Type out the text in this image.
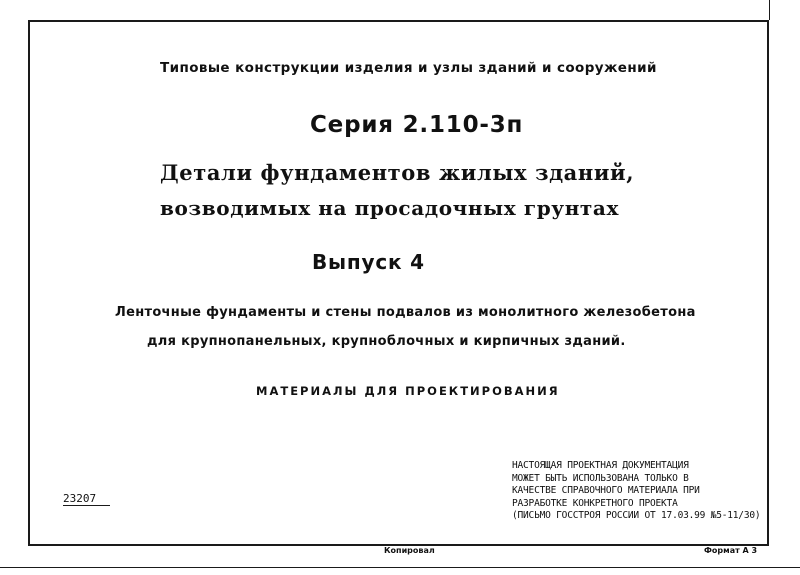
Типовые конструкции изделия и узлы зданий и сооружений
Серия 2.110-3п
Детали фундаментов жилых зданий,
возводимых на просадочных грунтах
Выпуск 4
Ленточные фундаменты и стены подвалов из монолитного железобетона
для крупнопанельных, крупноблочных и кирпичных зданий.
МАТЕРИАЛЫ ДЛЯ ПРОЕКТИРОВАНИЯ
НАСТОЯЩАЯ ПРОЕКТНАЯ ДОКУМЕНТАЦИЯ
МОЖЕТ БЫТЬ ИСПОЛЬЗОВАНА ТОЛЬКО В
КАЧЕСТВЕ СПРАВОЧНОГО МАТЕРИАЛА ПРИ
РАЗРАБОТКЕ КОНКРЕТНОГО ПРОЕКТА
(ПИСЬМО ГОССТРОЯ РОССИИ ОТ 17.03.99 №5-11/30)
23207
Копировал	Формат А 3
